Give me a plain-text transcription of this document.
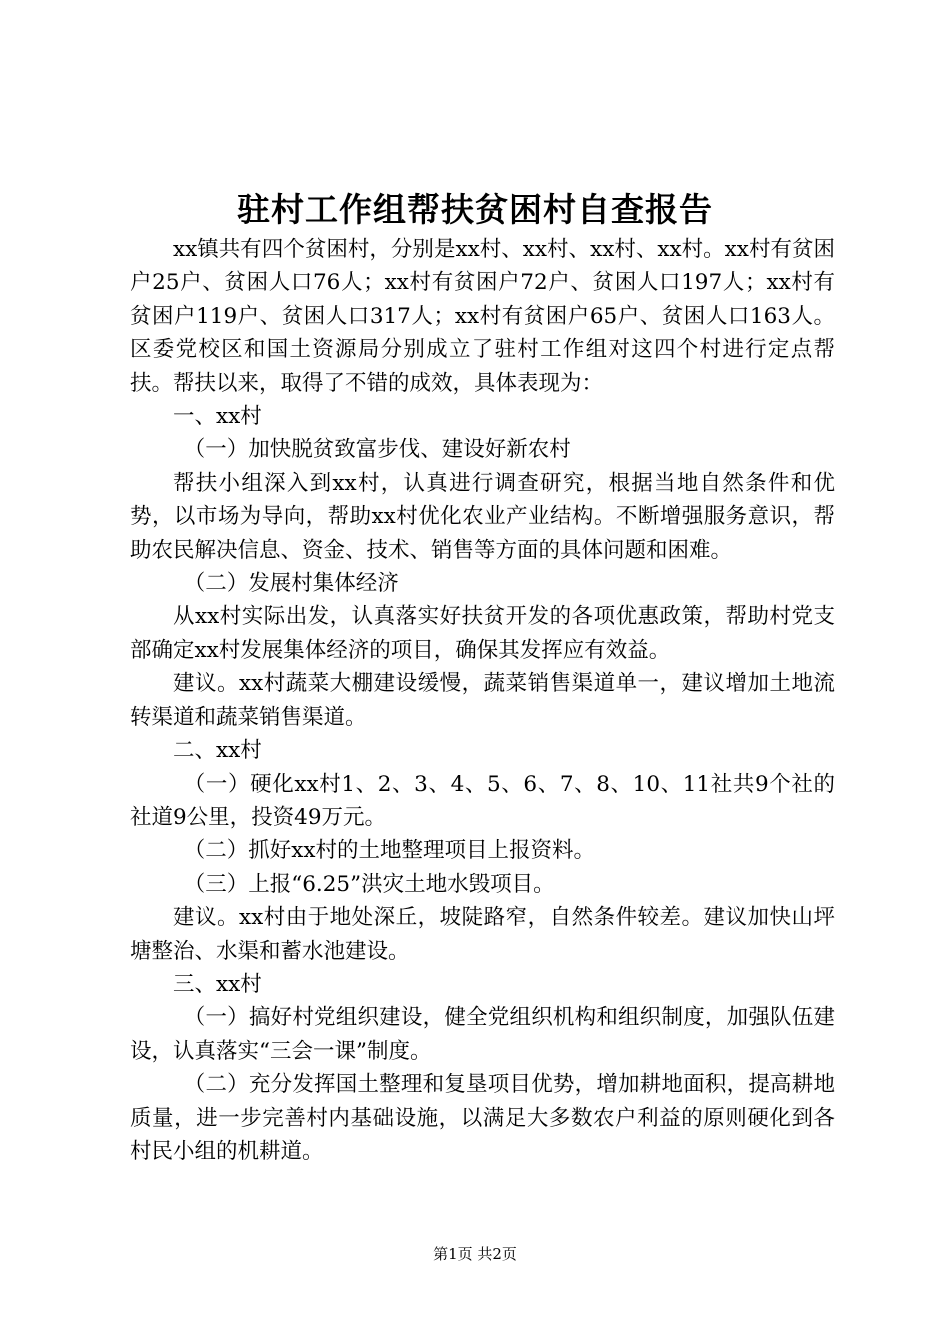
驻村工作组帮扶贫困村自查报告

xx镇共有四个贫困村，分别是xx村、xx村、xx村、xx村。xx村有贫困户25户、贫困人口76人；xx村有贫困户72户、贫困人口197人；xx村有贫困户119户、贫困人口317人；xx村有贫困户65户、贫困人口163人。区委党校区和国土资源局分别成立了驻村工作组对这四个村进行定点帮扶。帮扶以来，取得了不错的成效，具体表现为：

一、xx村

（一）加快脱贫致富步伐、建设好新农村

帮扶小组深入到xx村，认真进行调查研究，根据当地自然条件和优势，以市场为导向，帮助xx村优化农业产业结构。不断增强服务意识，帮助农民解决信息、资金、技术、销售等方面的具体问题和困难。

（二）发展村集体经济

从xx村实际出发，认真落实好扶贫开发的各项优惠政策，帮助村党支部确定xx村发展集体经济的项目，确保其发挥应有效益。

建议。xx村蔬菜大棚建设缓慢，蔬菜销售渠道单一，建议增加土地流转渠道和蔬菜销售渠道。

二、xx村

（一）硬化xx村1、2、3、4、5、6、7、8、10、11社共9个社的社道9公里，投资49万元。

（二）抓好xx村的土地整理项目上报资料。

（三）上报“6.25”洪灾土地水毁项目。

建议。xx村由于地处深丘，坡陡路窄，自然条件较差。建议加快山坪塘整治、水渠和蓄水池建设。

三、xx村

（一）搞好村党组织建设，健全党组织机构和组织制度，加强队伍建设，认真落实“三会一课”制度。

（二）充分发挥国土整理和复垦项目优势，增加耕地面积，提高耕地质量，进一步完善村内基础设施，以满足大多数农户利益的原则硬化到各村民小组的机耕道。

第1页 共2页
